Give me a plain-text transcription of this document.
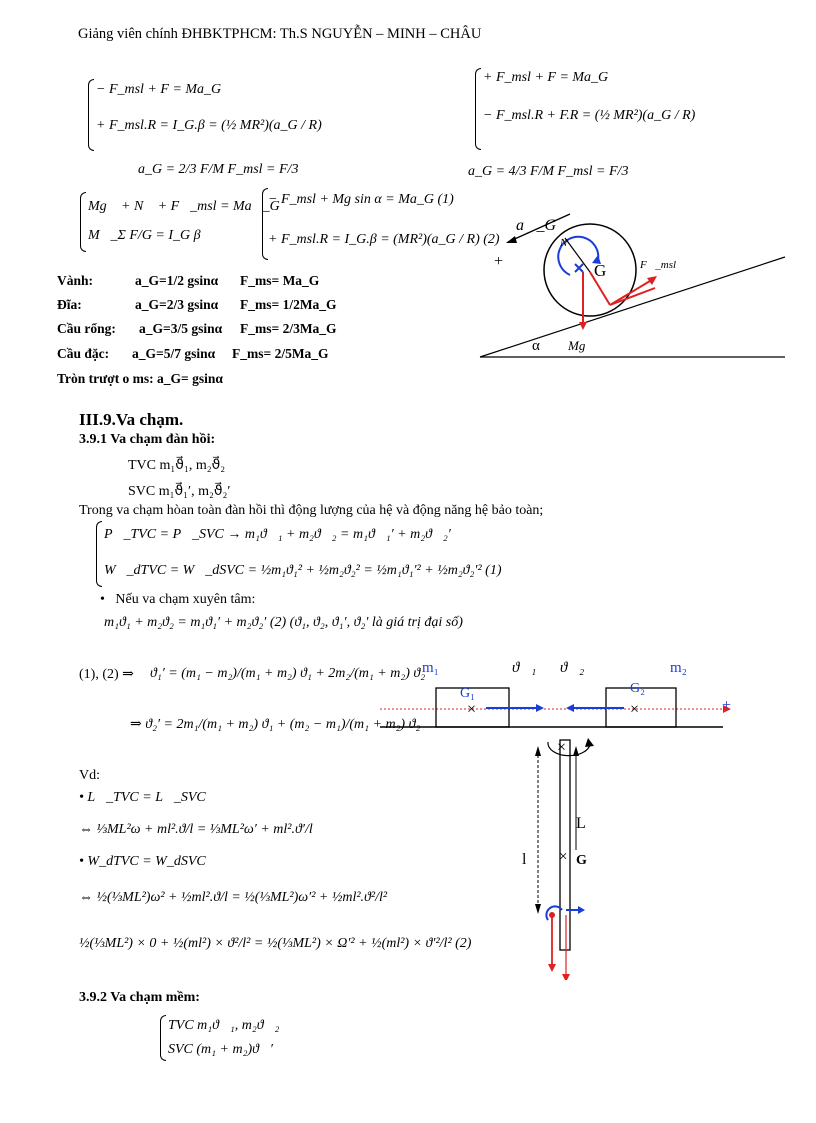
Giảng viên chính ĐHBKTPHCM: Th.S NGUYỄN – MINH – CHÂU
− F_msl + F = Ma_G
+ F_msl.R = I_G.β = (½ MR²)(a_G / R)
a_G = 2/3 F/M F_msl = F/3
+ F_msl + F = Ma_G
− F_msl.R + F.R = (½ MR²)(a_G / R)
a_G = 4/3 F/M F_msl = F/3
Mg⃗ + N⃗ + F⃗_msl = Ma⃗_G
M⃗_Σ F/G = I_G β⃗
− F_msl + Mg sin α = Ma_G (1)
+ F_msl.R = I_G.β = (MR²)(a_G / R) (2)
Vành:	a_G=1/2 gsinα F_ms= Ma_G
Đĩa:	a_G=2/3 gsinα F_ms= 1/2Ma_G
Cầu rổng: a_G=3/5 gsinα F_ms= 2/3Ma_G
Cầu đặc: a_G=5/7 gsinα F_ms= 2/5Ma_G
Tròn trượt o ms: a_G= gsinα
a⃗_G
N
G	F⃗_msl
+
α Mg⃗
III.9.Va chạm.
3.9.1 Va chạm đàn hồi:
TVC m₁ϑ⃗₁, m₂ϑ⃗₂
SVC m₁ϑ⃗₁′, m₂ϑ⃗₂′
Trong va chạm hòan toàn đàn hồi thì động lượng của hệ và động năng hệ bảo toàn;
P⃗_TVC = P⃗_SVC → m₁ϑ⃗₁ + m₂ϑ⃗₂ = m₁ϑ⃗₁′ + m₂ϑ⃗₂′
W⃗_dTVC = W⃗_dSVC = ½m₁ϑ₁² + ½m₂ϑ₂² = ½m₁ϑ₁′² + ½m₂ϑ₂′² (1)
•   Nếu va chạm xuyên tâm:
m₁ϑ₁ + m₂ϑ₂ = m₁ϑ₁′ + m₂ϑ₂′ (2) (ϑ₁, ϑ₂, ϑ₁′, ϑ₂′ là giá trị đại số)
(1), (2) ⇒ ϑ₁′ = (m₁ − m₂)/(m₁ + m₂) ϑ₁ + 2m₂/(m₁ + m₂) ϑ₂
⇒ ϑ₂′ = 2m₁/(m₁ + m₂) ϑ₁ + (m₂ − m₁)/(m₁ + m₂) ϑ₂
×	×
m₁	m₂
ϑ⃗₁ ϑ⃗₂
G₁	G₂
+
Vd:
• L⃗_TVC = L⃗_SVC
⇔ ⅓ML²ω + ml².ϑ/l = ⅓ML²ω′ + ml².ϑ′/l
• W_dTVC = W_dSVC
⇔ ½(⅓ML²)ω² + ½ml².ϑ/l = ½(⅓ML²)ω′² + ½ml².ϑ²/l²
½(⅓ML²) × 0 + ½(ml²) × ϑ²/l² = ½(⅓ML²) × Ω′² + ½(ml²) × ϑ′²/l² (2)
×
×
L
l	G
3.9.2 Va chạm mềm:
TVC m₁ϑ⃗₁, m₂ϑ⃗₂
SVC (m₁ + m₂)ϑ⃗′
